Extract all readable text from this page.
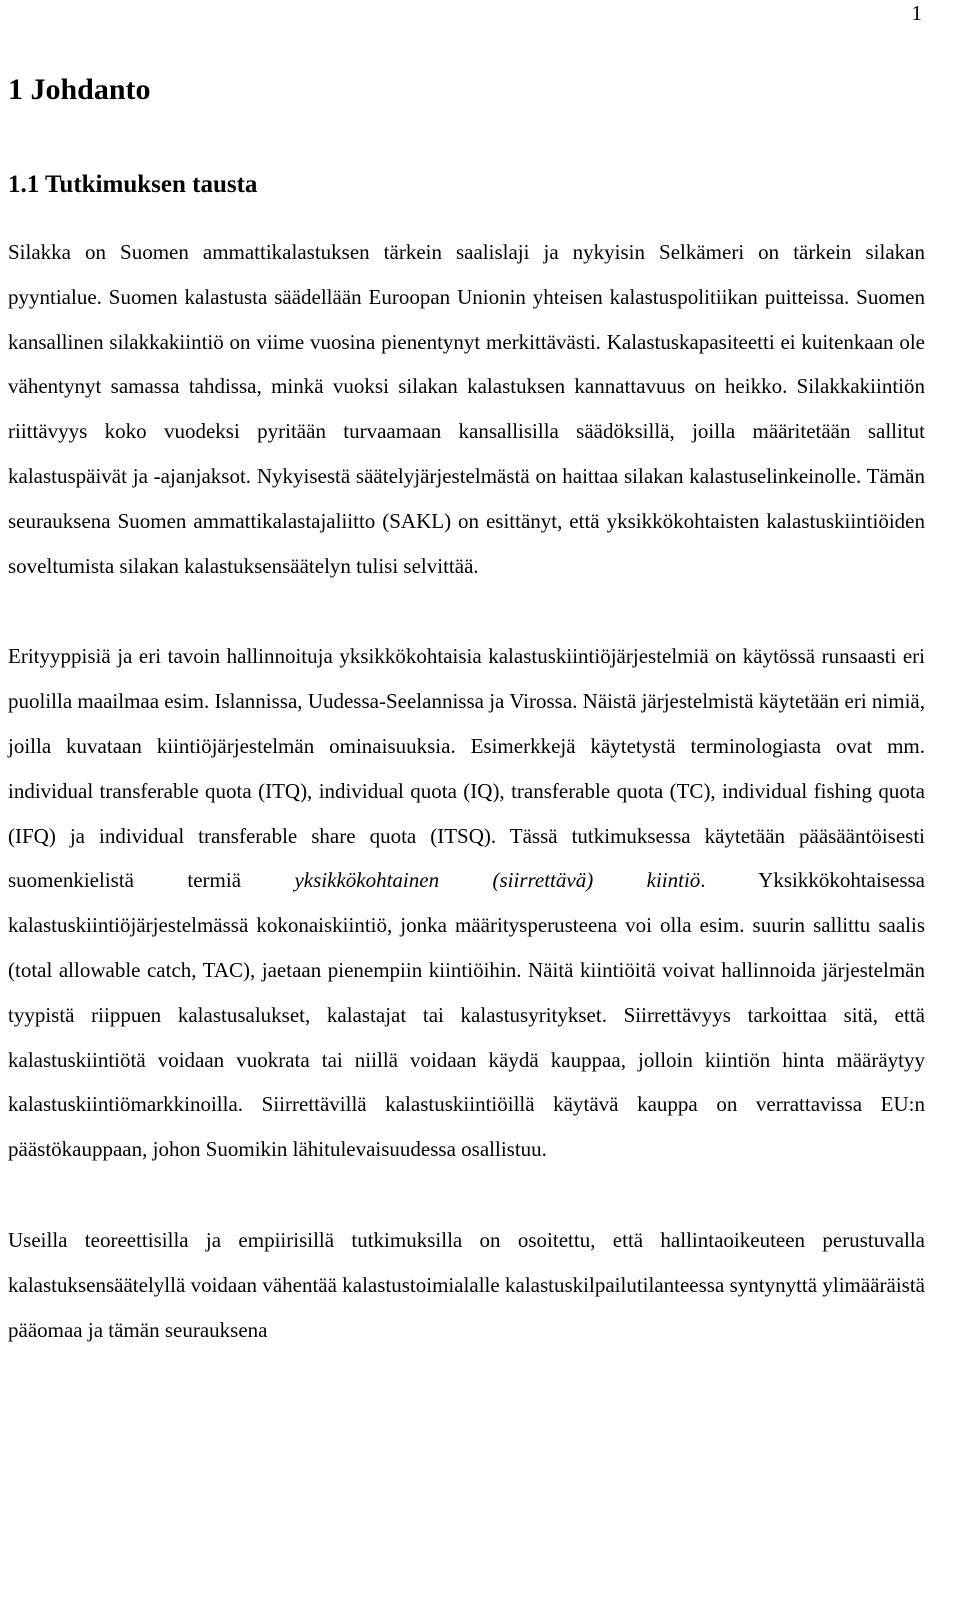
1
1 Johdanto
1.1 Tutkimuksen tausta

Silakka on Suomen ammattikalastuksen tärkein saalislaji ja nykyisin Selkämeri on tärkein silakan pyyntialue. Suomen kalastusta säädellään Euroopan Unionin yhteisen kalastuspolitiikan puitteissa. Suomen kansallinen silakkakiintiö on viime vuosina pienentynyt merkittävästi. Kalastuskapasiteetti ei kuitenkaan ole vähentynyt samassa tahdissa, minkä vuoksi silakan kalastuksen kannattavuus on heikko. Silakkakiintiön riittävyys koko vuodeksi pyritään turvaamaan kansallisilla säädöksillä, joilla määritetään sallitut kalastuspäivät ja -ajanjaksot. Nykyisestä säätelyjärjestelmästä on haittaa silakan kalastuselinkeinolle. Tämän seurauksena Suomen ammattikalastajaliitto (SAKL) on esittänyt, että yksikkökohtaisten kalastuskiintiöiden soveltumista silakan kalastuksensäätelyn tulisi selvittää.

Erityyppisiä ja eri tavoin hallinnoituja yksikkökohtaisia kalastuskiintiöjärjestelmiä on käytössä runsaasti eri puolilla maailmaa esim. Islannissa, Uudessa-Seelannissa ja Virossa. Näistä järjestelmistä käytetään eri nimiä, joilla kuvataan kiintiöjärjestelmän ominaisuuksia. Esimerkkejä käytetystä terminologiasta ovat mm. individual transferable quota (ITQ), individual quota (IQ), transferable quota (TC), individual fishing quota (IFQ) ja individual transferable share quota (ITSQ). Tässä tutkimuksessa käytetään pääsääntöisesti suomenkielistä termiä	yksikkökohtainen (siirrettävä) kiintiö. Yksikkökohtaisessa kalastuskiintiöjärjestelmässä kokonaiskiintiö, jonka määritysperusteena voi olla esim. suurin sallittu saalis (total allowable catch, TAC), jaetaan pienempiin kiintiöihin. Näitä kiintiöitä voivat hallinnoida järjestelmän tyypistä riippuen kalastusalukset, kalastajat tai kalastusyritykset. Siirrettävyys tarkoittaa sitä, että kalastuskiintiötä voidaan vuokrata tai niillä voidaan käydä kauppaa, jolloin kiintiön hinta määräytyy kalastuskiintiömarkkinoilla. Siirrettävillä kalastuskiintiöillä käytävä kauppa on verrattavissa EU:n päästökauppaan, johon Suomikin lähitulevaisuudessa osallistuu.

Useilla teoreettisilla ja empiirisillä tutkimuksilla on osoitettu, että hallintaoikeuteen perustuvalla kalastuksensäätelyllä voidaan vähentää kalastustoimialalle kalastuskilpailutilanteessa syntynyttä ylimääräistä pääomaa ja tämän seurauksena
